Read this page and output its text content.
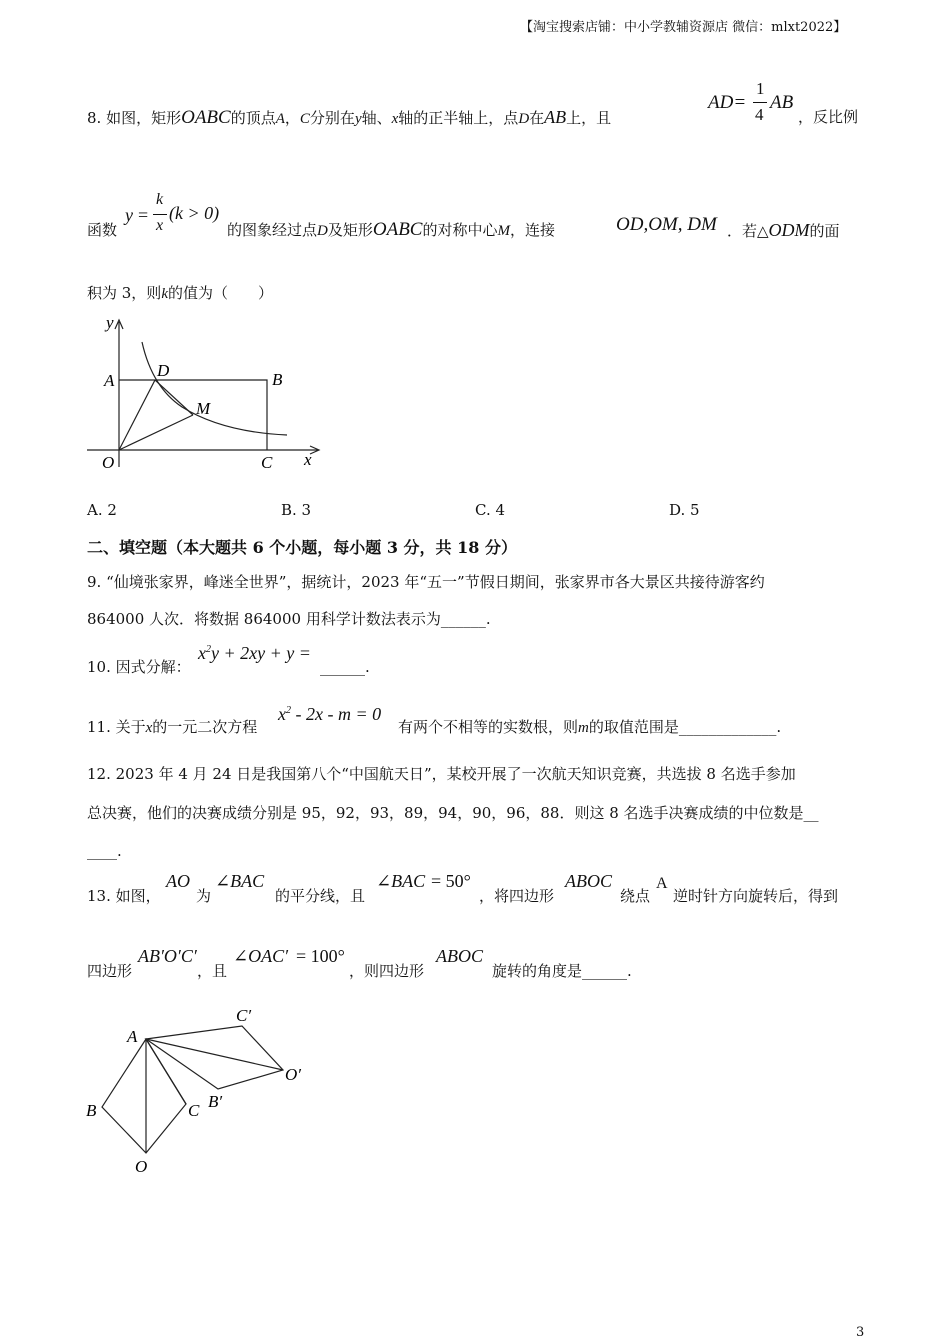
【淘宝搜索店铺：中小学教辅资源店 微信：mlxt2022】
8. 如图，矩形OABC的顶点A，C分别在y轴、x轴的正半轴上，点D在AB上，且
AD=
1
4
AB
，反比例
函数
y =
k
x
(k > 0)
的图象经过点D及矩形OABC的对称中心M，连接	OD,OM, DM ．若△ODM的面
积为 3，则k的值为（　　）
y
A
D	B
M
O	C x
A. 2	B. 3	C. 4	D. 5
二、填空题（本大题共 6 个小题，每小题 3 分，共 18 分）
9. “仙境张家界，峰迷全世界”，据统计，2023 年“五一”节假日期间，张家界市各大景区共接待游客约
864000 人次．将数据 864000 用科学计数法表示为______.
10. 因式分解：
$x^2y + 2xy + y$ =
______.
11. 关于x的一元二次方程
$x^2 - 2x - m = 0$
有两个不相等的实数根，则m的取值范围是_____________.
12. 2023 年 4 月 24 日是我国第八个“中国航天日”，某校开展了一次航天知识竞赛，共选拔 8 名选手参加
总决赛，他们的决赛成绩分别是 95，92，93，89，94，90，96，88．则这 8 名选手决赛成绩的中位数是__
____.
13. 如图，
AO
为
∠BAC
的平分线，且
∠BAC = 50°
，将四边形
ABOC
绕点
A
逆时针方向旋转后，得到
四边形
AB′O′C′
，且
∠OAC′ = 100°
，则四边形
ABOC
旋转的角度是______.
A
B	C
O
C′
B′
O′
3
